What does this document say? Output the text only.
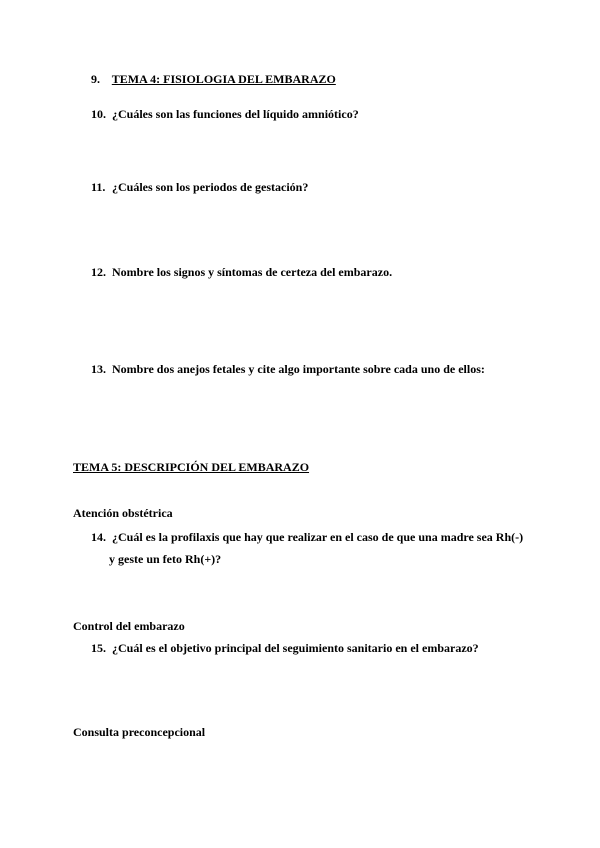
9. TEMA 4: FISIOLOGIA DEL EMBARAZO
10. ¿Cuáles son las funciones del líquido amniótico?
11. ¿Cuáles son los periodos de gestación?
12. Nombre los signos y síntomas de certeza del embarazo.
13. Nombre dos anejos fetales y cite algo importante sobre cada uno de ellos:
TEMA 5: DESCRIPCIÓN DEL EMBARAZO
Atención obstétrica
14. ¿Cuál es la profilaxis que hay que realizar en el caso de que una madre sea Rh(-)
y geste un feto Rh(+)?
Control del embarazo
15. ¿Cuál es el objetivo principal del seguimiento sanitario en el embarazo?
Consulta preconcepcional
